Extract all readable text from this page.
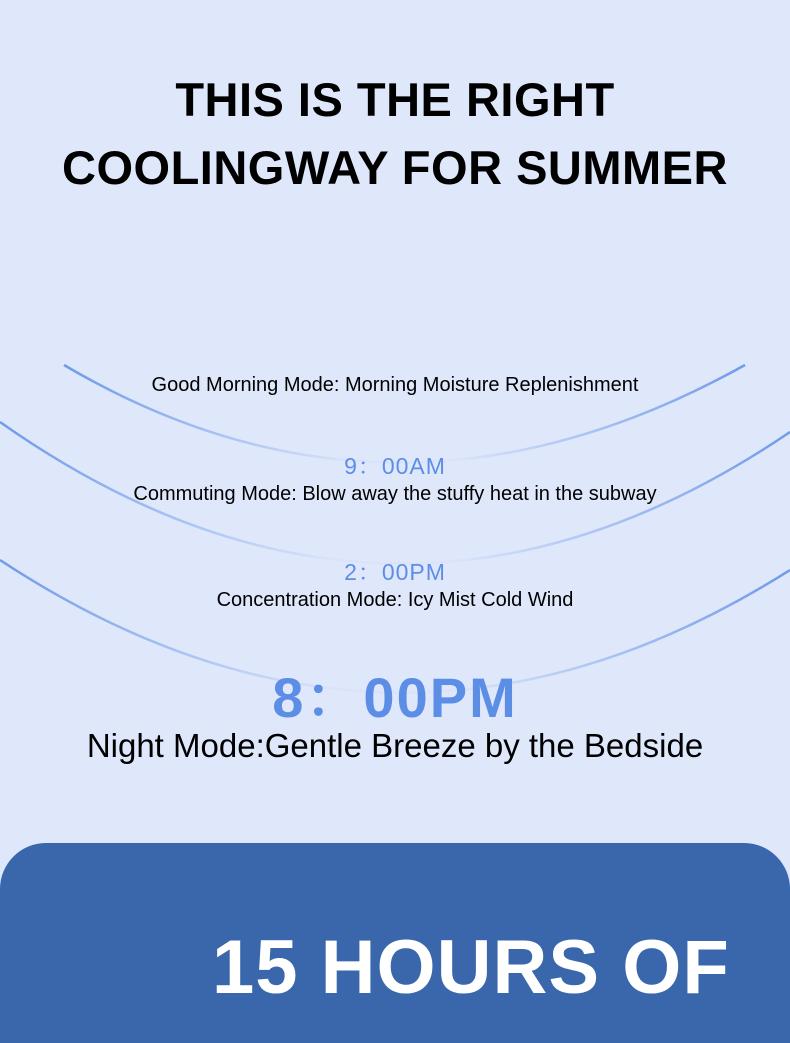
THIS IS THE RIGHT
COOLINGWAY FOR SUMMER

Good Morning Mode: Morning Moisture Replenishment

9：00AM

Commuting Mode: Blow away the stuffy heat in the subway

2：00PM

Concentration Mode: Icy Mist Cold Wind

8：00PM

Night Mode:Gentle Breeze by the Bedside

15 HOURS OF
